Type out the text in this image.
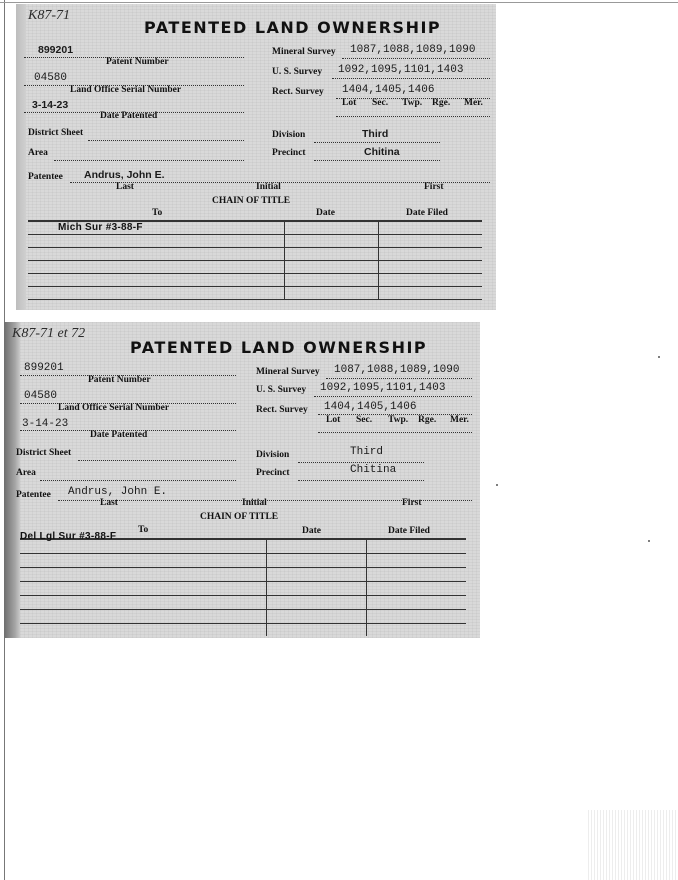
K87-71
PATENTED LAND OWNERSHIP
899201
Patent Number
04580
Land Office Serial Number
3-14-23
Date Patented
District Sheet
Area
Mineral Survey 1087,1088,1089,1090
U. S. Survey 1092,1095,1101,1403
Rect. Survey 1404,1405,1406
Lot Sec. Twp. Rge. Mer.
Division	Third
Precinct	Chitina
Patentee Andrus, John E.
Last	Initial	First
CHAIN OF TITLE
To	Date	Date Filed
Mich Sur #3-88-F
K87-71 et 72
PATENTED LAND OWNERSHIP
899201
Patent Number
04580
Land Office Serial Number
3-14-23
Date Patented
District Sheet
Area
Mineral Survey 1087,1088,1089,1090
U. S. Survey 1092,1095,1101,1403
Rect. Survey 1404,1405,1406
Lot Sec. Twp. Rge. Mer.
Division	Third
Precinct	Chitina
Patentee Andrus, John E.
Last	Initial	First
CHAIN OF TITLE
To	Date	Date Filed
Del Lgl Sur #3-88-F
